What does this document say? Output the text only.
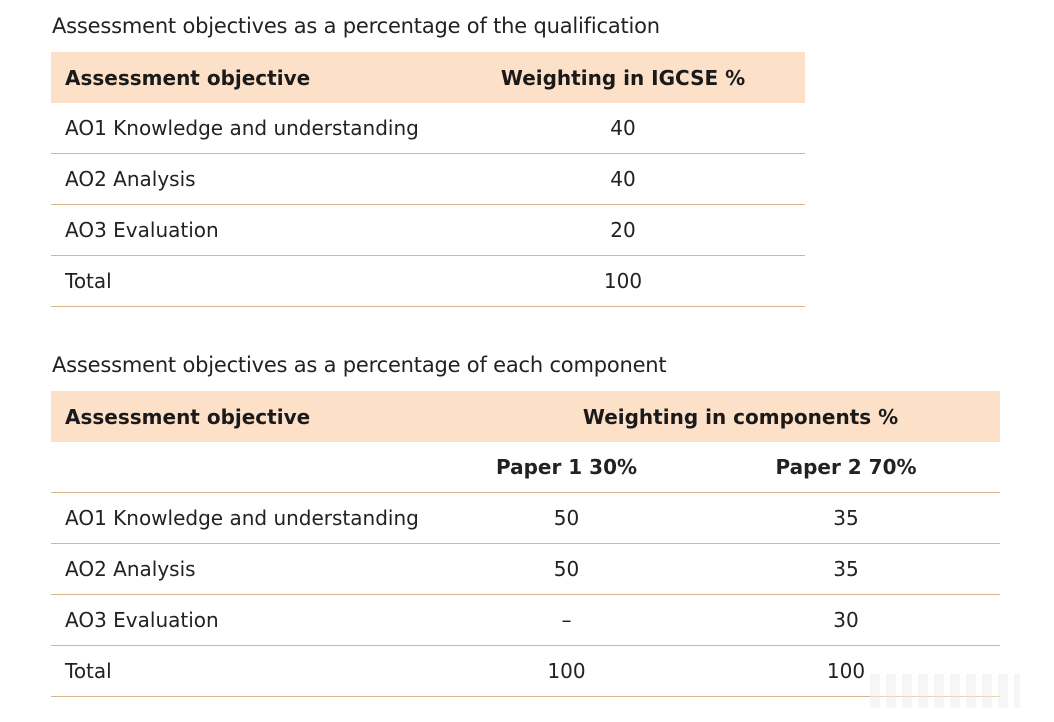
Assessment objectives as a percentage of the qualification
Assessment objective	Weighting in IGCSE %
AO1 Knowledge and understanding	40
AO2 Analysis	40
AO3 Evaluation	20
Total	100
Assessment objectives as a percentage of each component
Assessment objective	Weighting in components %	
	Paper 1 30%	Paper 2 70%
AO1 Knowledge and understanding	50	35
AO2 Analysis	50	35
AO3 Evaluation	–	30
Total	100	100
